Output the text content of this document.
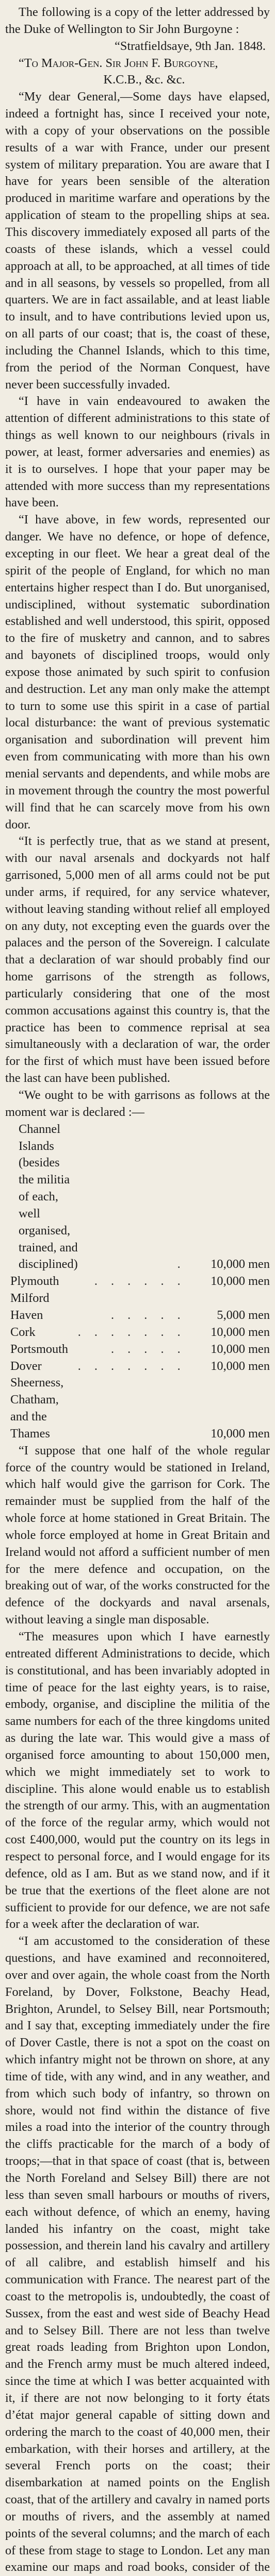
The following is a copy of the letter addressed by the Duke of Wellington to Sir John Burgoyne :

“Stratfieldsaye, 9th Jan. 1848.

“To Major-Gen. Sir John F. Burgoyne,

K.C.B., &c. &c.

“My dear General,—Some days have elapsed, indeed a fortnight has, since I received your note, with a copy of your observations on the possible results of a war with France, under our present system of military preparation. You are aware that I have for years been sensible of the alteration produced in maritime warfare and operations by the application of steam to the propelling ships at sea. This discovery immediately exposed all parts of the coasts of these islands, which a vessel could approach at all, to be approached, at all times of tide and in all seasons, by vessels so propelled, from all quarters. We are in fact assailable, and at least liable to insult, and to have contributions levied upon us, on all parts of our coast; that is, the coast of these, including the Channel Islands, which to this time, from the period of the Norman Conquest, have never been successfully invaded.

“I have in vain endeavoured to awaken the attention of different administrations to this state of things as well known to our neighbours (rivals in power, at least, former adversaries and enemies) as it is to ourselves. I hope that your paper may be attended with more success than my representations have been.

“I have above, in few words, represented our danger. We have no defence, or hope of defence, excepting in our fleet. We hear a great deal of the spirit of the people of England, for which no man entertains higher respect than I do. But unorganised, undisciplined, without systematic subordination established and well understood, this spirit, opposed to the fire of musketry and cannon, and to sabres and bayonets of disciplined troops, would only expose those animated by such spirit to confusion and destruction. Let any man only make the attempt to turn to some use this spirit in a case of partial local disturbance: the want of previous systematic organisation and subordination will prevent him even from communicating with more than his own menial servants and dependents, and while mobs are in movement through the country the most powerful will find that he can scarcely move from his own door.

“It is perfectly true, that as we stand at present, with our naval arsenals and dockyards not half garrisoned, 5,000 men of all arms could not be put under arms, if required, for any service whatever, without leaving standing without relief all employed on any duty, not excepting even the guards over the palaces and the person of the Sovereign. I calculate that a declaration of war should probably find our home garrisons of the strength as follows, particularly considering that one of the most common accusations against this country is, that the practice has been to commence reprisal at sea simultaneously with a declaration of war, the order for the first of which must have been issued before the last can have been published.

“We ought to be with garrisons as follows at the moment war is declared :—

Channel Islands (besides the militia of each, well organised, trained, and disciplined)	.	10,000 men
Plymouth	. . . . . .	10,000 men
Milford Haven	. . . . .	5,000 men
Cork	. . . . . . .	10,000 men
Portsmouth	. . . . .	10,000 men
Dover	. . . . . . .	10,000 men
Sheerness, Chatham, and the Thames		10,000 men

“I suppose that one half of the whole regular force of the country would be stationed in Ireland, which half would give the garrison for Cork. The remainder must be supplied from the half of the whole force at home stationed in Great Britain. The whole force employed at home in Great Britain and Ireland would not afford a sufficient number of men for the mere defence and occupation, on the breaking out of war, of the works constructed for the defence of the dockyards and naval arsenals, without leaving a single man disposable.

“The measures upon which I have earnestly entreated different Administrations to decide, which is constitutional, and has been invariably adopted in time of peace for the last eighty years, is to raise, embody, organise, and discipline the militia of the same numbers for each of the three kingdoms united as during the late war. This would give a mass of organised force amounting to about 150,000 men, which we might immediately set to work to discipline. This alone would enable us to establish the strength of our army. This, with an augmentation of the force of the regular army, which would not cost £400,000, would put the country on its legs in respect to personal force, and I would engage for its defence, old as I am. But as we stand now, and if it be true that the exertions of the fleet alone are not sufficient to provide for our defence, we are not safe for a week after the declaration of war.

“I am accustomed to the consideration of these questions, and have examined and reconnoitered, over and over again, the whole coast from the North Foreland, by Dover, Folkstone, Beachy Head, Brighton, Arundel, to Selsey Bill, near Portsmouth; and I say that, excepting immediately under the fire of Dover Castle, there is not a spot on the coast on which infantry might not be thrown on shore, at any time of tide, with any wind, and in any weather, and from which such body of infantry, so thrown on shore, would not find within the distance of five miles a road into the interior of the country through the cliffs practicable for the march of a body of troops;—that in that space of coast (that is, between the North Foreland and Selsey Bill) there are not less than seven small harbours or mouths of rivers, each without defence, of which an enemy, having landed his infantry on the coast, might take possession, and therein land his cavalry and artillery of all calibre, and establish himself and his communication with France. The nearest part of the coast to the metropolis is, undoubtedly, the coast of Sussex, from the east and west side of Beachy Head and to Selsey Bill. There are not less than twelve great roads leading from Brighton upon London, and the French army must be much altered indeed, since the time at which I was better acquainted with it, if there are not now belonging to it forty états d’état major general capable of sitting down and ordering the march to the coast of 40,000 men, their embarkation, with their horses and artillery, at the several French ports on the coast; their disembarkation at named points on the English coast, that of the artillery and cavalry in named ports or mouths of rivers, and the assembly at named points of the several columns; and the march of each of these from stage to stage to London. Let any man examine our maps and road books, consider of the
